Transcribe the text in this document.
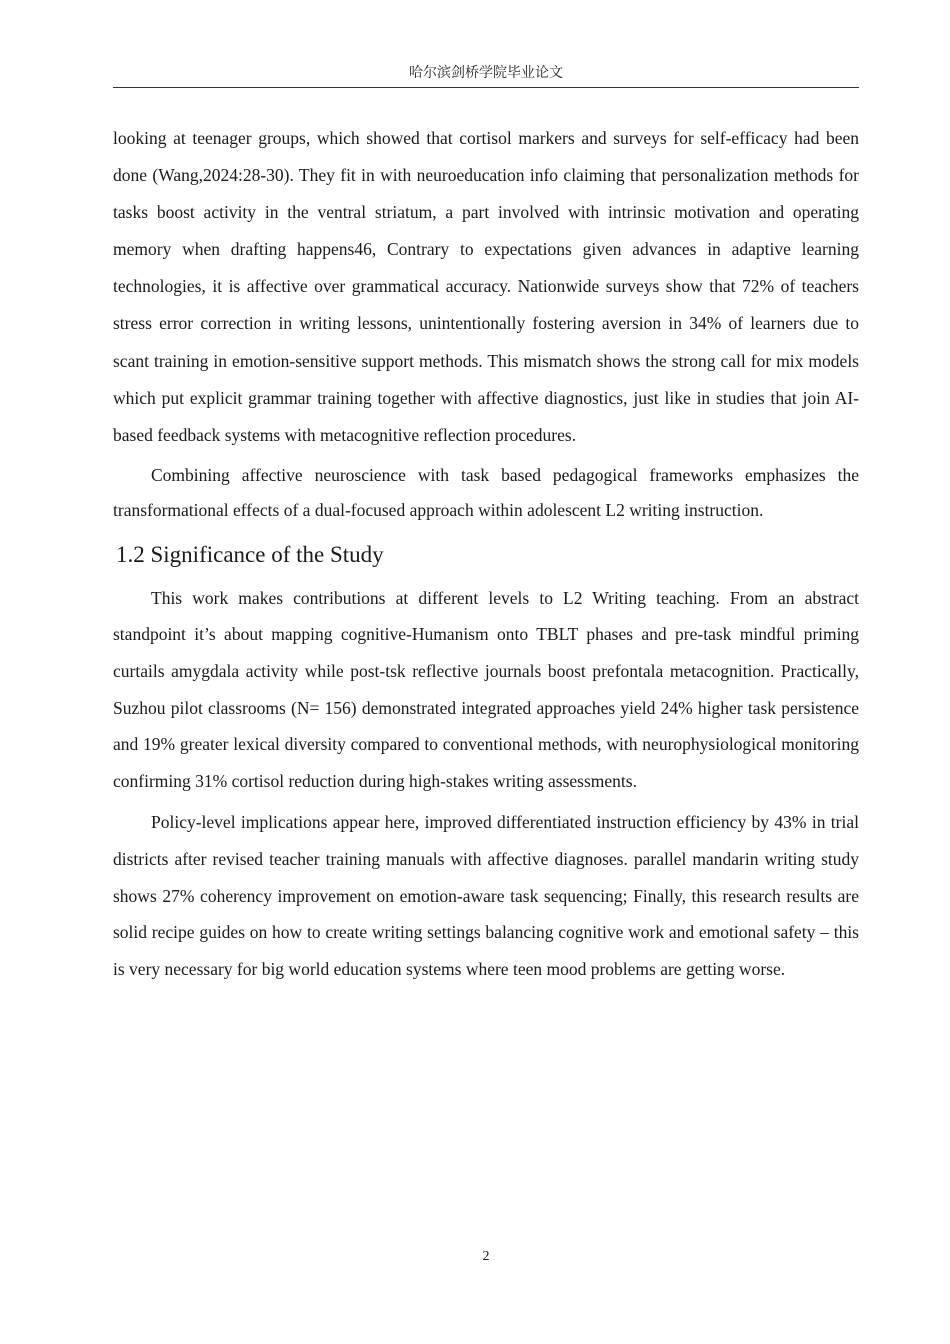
哈尔滨剑桥学院毕业论文

looking at teenager groups, which showed that cortisol markers and surveys for self-efficacy had been done (Wang,2024:28-30). They fit in with neuroeducation info claiming that personalization methods for tasks boost activity in the ventral striatum, a part involved with intrinsic motivation and operating memory when drafting happens46, Contrary to expectations given advances in adaptive learning technologies, it is affective over grammatical accuracy. Nationwide surveys show that 72% of teachers stress error correction in writing lessons, unintentionally fostering aversion in 34% of learners due to scant training in emotion-sensitive support methods. This mismatch shows the strong call for mix models which put explicit grammar training together with affective diagnostics, just like in studies that join AI-based feedback systems with metacognitive reflection procedures.

Combining affective neuroscience with task based pedagogical frameworks emphasizes the transformational effects of a dual-focused approach within adolescent L2 writing instruction.

1.2 Significance of the Study

This work makes contributions at different levels to L2 Writing teaching. From an abstract standpoint it’s about mapping cognitive-Humanism onto TBLT phases and pre-task mindful priming curtails amygdala activity while post-tsk reflective journals boost prefontala metacognition. Practically, Suzhou pilot classrooms (N= 156) demonstrated integrated approaches yield 24% higher task persistence and 19% greater lexical diversity compared to conventional methods, with neurophysiological monitoring confirming 31% cortisol reduction during high-stakes writing assessments.

Policy-level implications appear here, improved differentiated instruction efficiency by 43% in trial districts after revised teacher training manuals with affective diagnoses. parallel mandarin writing study shows 27% coherency improvement on emotion-aware task sequencing; Finally, this research results are solid recipe guides on how to create writing settings balancing cognitive work and emotional safety – this is very necessary for big world education systems where teen mood problems are getting worse.

2
